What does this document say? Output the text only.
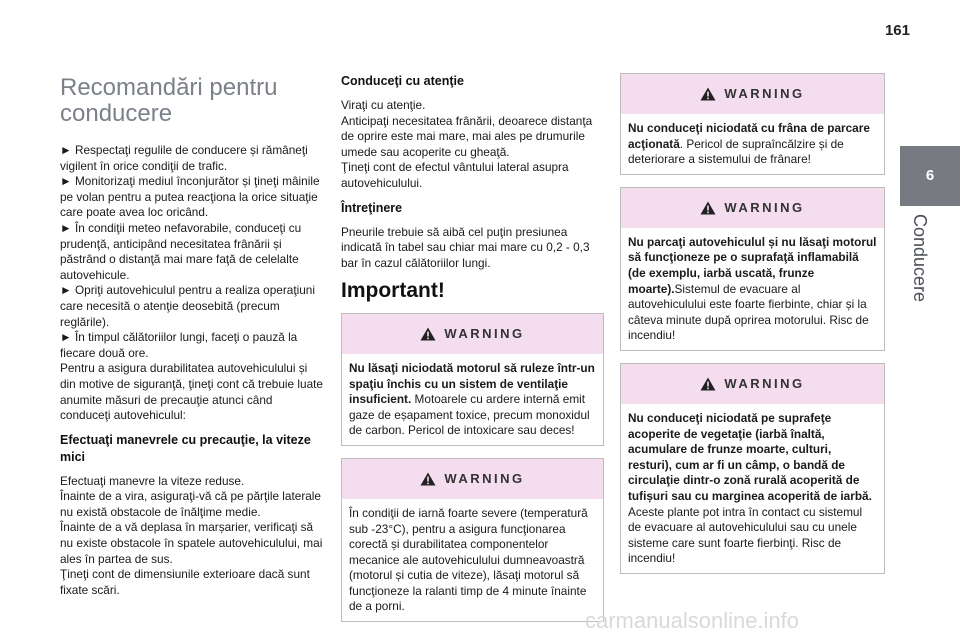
161
6
Conducere
Recomandări pentru conducere
► Respectaţi regulile de conducere și rămâneţi vigilent în orice condiţii de trafic.
► Monitorizaţi mediul înconjurător și ţineţi mâinile pe volan pentru a putea reacţiona la orice situaţie care poate avea loc oricând.
► În condiţii meteo nefavorabile, conduceţi cu prudenţă, anticipând necesitatea frânării și păstrând o distanţă mai mare faţă de celelalte autovehicule.
► Opriţi autovehiculul pentru a realiza operaţiuni care necesită o atenţie deosebită (precum reglările).
► În timpul călătoriilor lungi, faceţi o pauză la fiecare două ore.
Pentru a asigura durabilitatea autovehiculului și din motive de siguranţă, ţineţi cont că trebuie luate anumite măsuri de precauţie atunci când conduceţi autovehiculul:
Efectuaţi manevrele cu precauţie, la viteze mici
Efectuaţi manevre la viteze reduse.
Înainte de a vira, asiguraţi-vă că pe părţile laterale nu există obstacole de înălţime medie.
Înainte de a vă deplasa în marșarier, verificaţi să nu existe obstacole în spatele autovehiculului, mai ales în partea de sus.
Ţineţi cont de dimensiunile exterioare dacă sunt fixate scări.
Conduceţi cu atenţie
Viraţi cu atenţie.
Anticipaţi necesitatea frânării, deoarece distanţa de oprire este mai mare, mai ales pe drumurile umede sau acoperite cu gheaţă.
Ţineţi cont de efectul vântului lateral asupra autovehiculului.
Întreţinere

Pneurile trebuie să aibă cel puţin presiunea indicată în tabel sau chiar mai mare cu 0,2 - 0,3 bar în cazul călătoriilor lungi.

Important!
WARNING
Nu lăsaţi niciodată motorul să ruleze într-un spaţiu închis cu un sistem de ventilaţie insuficient. Motoarele cu ardere internă emit gaze de eșapament toxice, precum monoxidul de carbon. Pericol de intoxicare sau deces!
WARNING
În condiţii de iarnă foarte severe (temperatură sub -23°C), pentru a asigura funcţionarea corectă și durabilitatea componentelor mecanice ale autovehiculului dumneavoastră (motorul și cutia de viteze), lăsaţi motorul să funcţioneze la ralanti timp de 4 minute înainte de a porni.
WARNING
Nu conduceţi niciodată cu frâna de parcare acţionată. Pericol de supraîncălzire și de deteriorare a sistemului de frânare!
WARNING
Nu parcaţi autovehiculul și nu lăsaţi motorul să funcţioneze pe o suprafaţă inflamabilă (de exemplu, iarbă uscată, frunze moarte).Sistemul de evacuare al autovehiculului este foarte fierbinte, chiar și la câteva minute după oprirea motorului. Risc de incendiu!
WARNING
Nu conduceţi niciodată pe suprafeţe acoperite de vegetaţie (iarbă înaltă, acumulare de frunze moarte, culturi, resturi), cum ar fi un câmp, o bandă de circulaţie dintr-o zonă rurală acoperită de tufișuri sau cu marginea acoperită de iarbă.
Aceste plante pot intra în contact cu sistemul de evacuare al autovehiculului sau cu unele sisteme care sunt foarte fierbinţi. Risc de incendiu!
carmanualsonline.info
